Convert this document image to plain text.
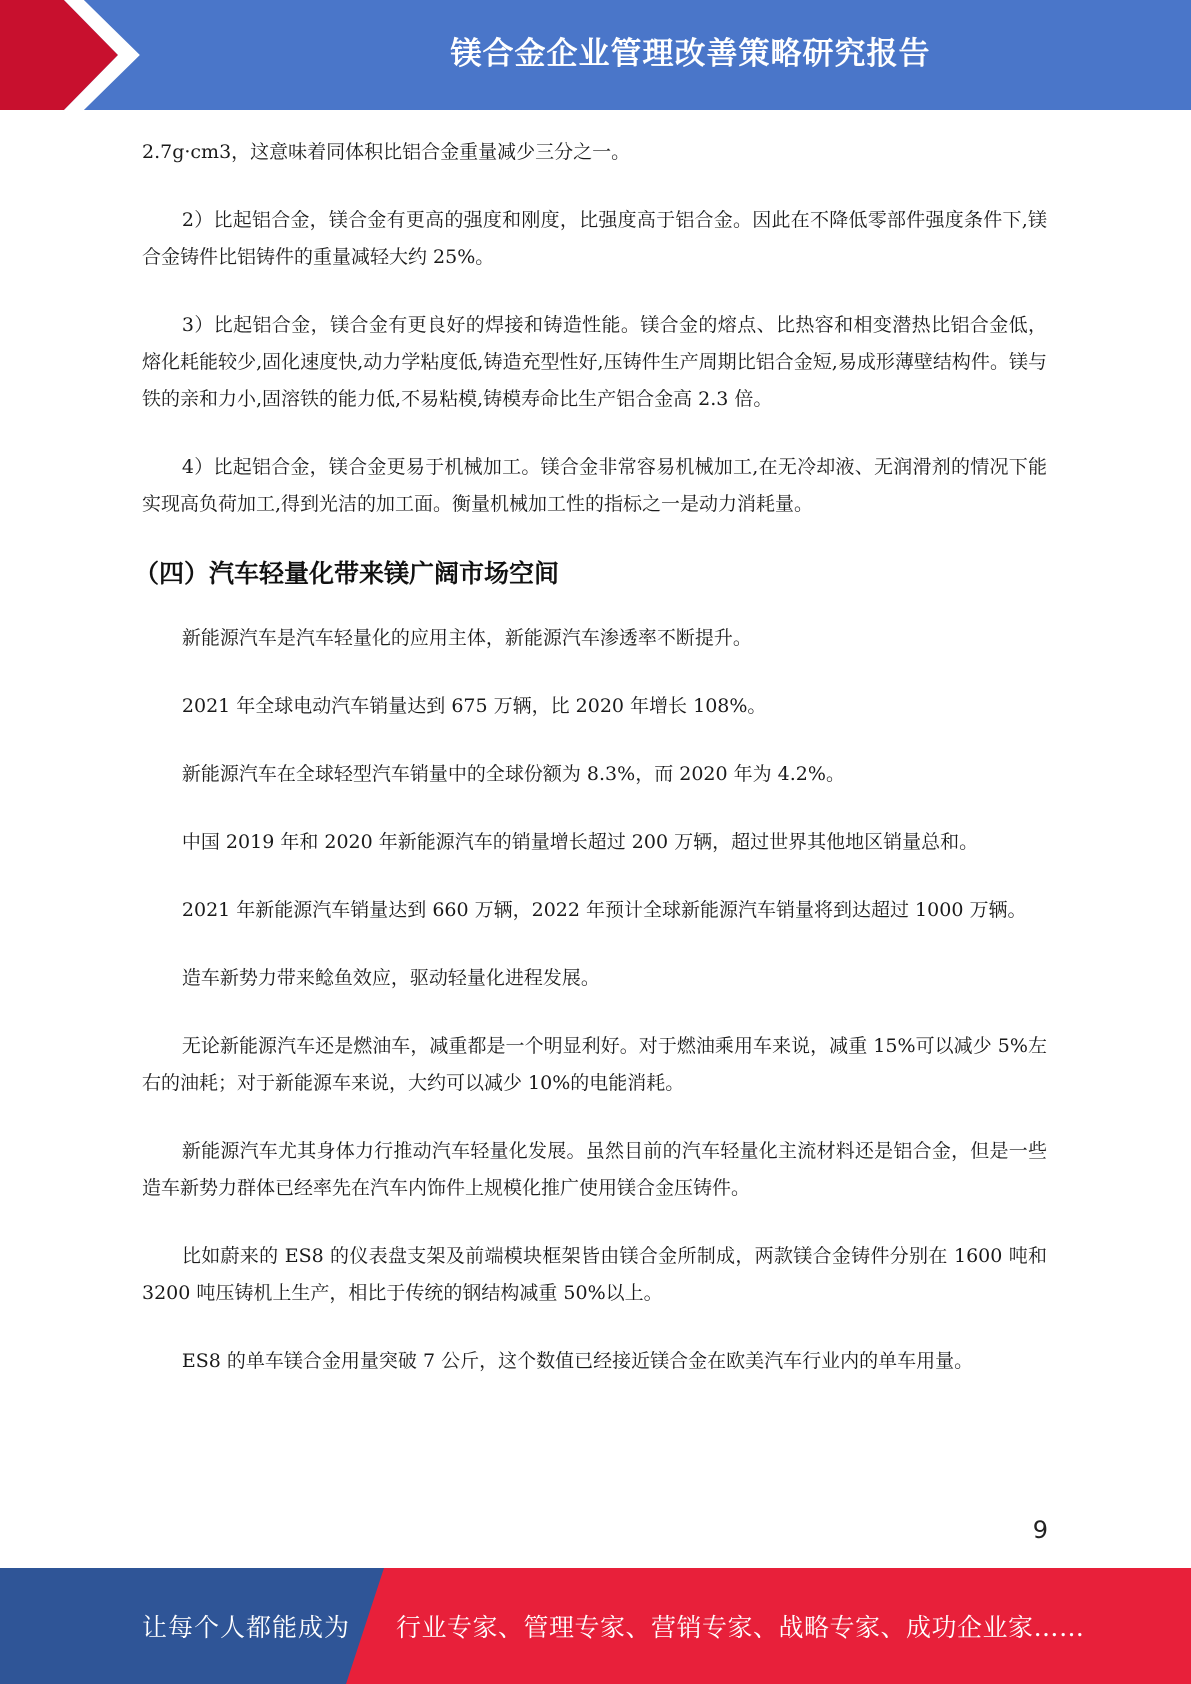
镁合金企业管理改善策略研究报告

2.7g·cm3，这意味着同体积比铝合金重量减少三分之一。

2）比起铝合金，镁合金有更高的强度和刚度，比强度高于铝合金。因此在不降低零部件强度条件下,镁合金铸件比铝铸件的重量减轻大约 25%。

3）比起铝合金，镁合金有更良好的焊接和铸造性能。镁合金的熔点、比热容和相变潜热比铝合金低，熔化耗能较少,固化速度快,动力学粘度低,铸造充型性好,压铸件生产周期比铝合金短,易成形薄壁结构件。镁与铁的亲和力小,固溶铁的能力低,不易粘模,铸模寿命比生产铝合金高 2.3 倍。

4）比起铝合金，镁合金更易于机械加工。镁合金非常容易机械加工,在无冷却液、无润滑剂的情况下能实现高负荷加工,得到光洁的加工面。衡量机械加工性的指标之一是动力消耗量。

（四）汽车轻量化带来镁广阔市场空间

新能源汽车是汽车轻量化的应用主体，新能源汽车渗透率不断提升。

2021 年全球电动汽车销量达到 675 万辆，比 2020 年增长 108%。

新能源汽车在全球轻型汽车销量中的全球份额为 8.3%，而 2020 年为 4.2%。

中国 2019 年和 2020 年新能源汽车的销量增长超过 200 万辆，超过世界其他地区销量总和。

2021 年新能源汽车销量达到 660 万辆，2022 年预计全球新能源汽车销量将到达超过 1000 万辆。

造车新势力带来鲶鱼效应，驱动轻量化进程发展。

无论新能源汽车还是燃油车，减重都是一个明显利好。对于燃油乘用车来说，减重 15%可以减少 5%左右的油耗；对于新能源车来说，大约可以减少 10%的电能消耗。

新能源汽车尤其身体力行推动汽车轻量化发展。虽然目前的汽车轻量化主流材料还是铝合金，但是一些造车新势力群体已经率先在汽车内饰件上规模化推广使用镁合金压铸件。

比如蔚来的 ES8 的仪表盘支架及前端模块框架皆由镁合金所制成，两款镁合金铸件分别在 1600 吨和 3200 吨压铸机上生产，相比于传统的钢结构减重 50%以上。

ES8 的单车镁合金用量突破 7 公斤，这个数值已经接近镁合金在欧美汽车行业内的单车用量。

9
让每个人都能成为 行业专家、管理专家、营销专家、战略专家、成功企业家……
